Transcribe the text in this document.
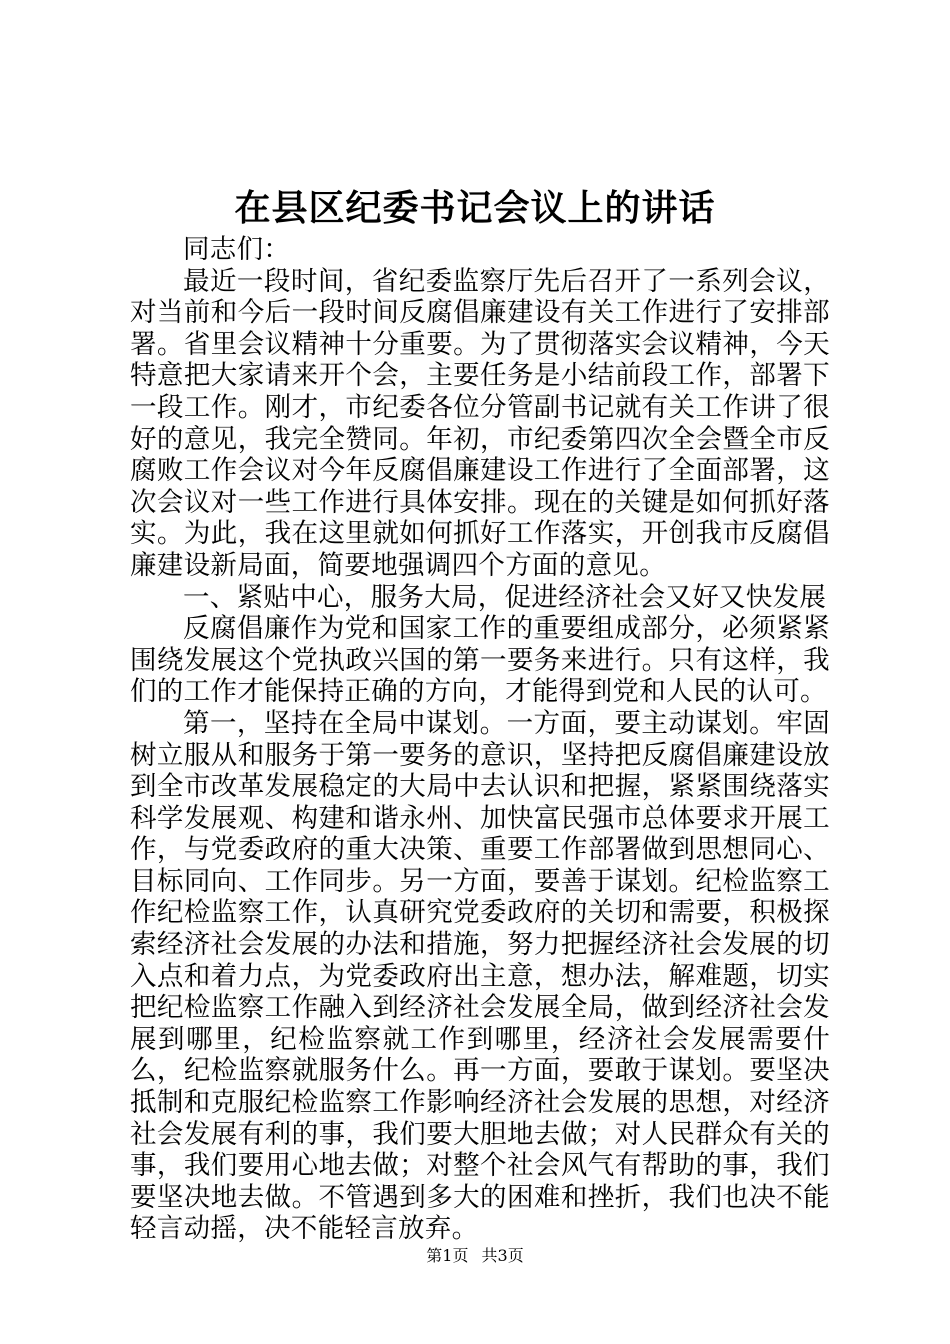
在县区纪委书记会议上的讲话

同志们：

最近一段时间，省纪委监察厅先后召开了一系列会议，对当前和今后一段时间反腐倡廉建设有关工作进行了安排部署。省里会议精神十分重要。为了贯彻落实会议精神，今天特意把大家请来开个会，主要任务是小结前段工作，部署下一段工作。刚才，市纪委各位分管副书记就有关工作讲了很好的意见，我完全赞同。年初，市纪委第四次全会暨全市反腐败工作会议对今年反腐倡廉建设工作进行了全面部署，这次会议对一些工作进行具体安排。现在的关键是如何抓好落实。为此，我在这里就如何抓好工作落实，开创我市反腐倡廉建设新局面，简要地强调四个方面的意见。

一、紧贴中心，服务大局，促进经济社会又好又快发展

反腐倡廉作为党和国家工作的重要组成部分，必须紧紧围绕发展这个党执政兴国的第一要务来进行。只有这样，我们的工作才能保持正确的方向，才能得到党和人民的认可。

第一，坚持在全局中谋划。一方面，要主动谋划。牢固树立服从和服务于第一要务的意识，坚持把反腐倡廉建设放到全市改革发展稳定的大局中去认识和把握，紧紧围绕落实科学发展观、构建和谐永州、加快富民强市总体要求开展工作，与党委政府的重大决策、重要工作部署做到思想同心、目标同向、工作同步。另一方面，要善于谋划。纪检监察工作纪检监察工作，认真研究党委政府的关切和需要，积极探索经济社会发展的办法和措施，努力把握经济社会发展的切入点和着力点，为党委政府出主意，想办法，解难题，切实把纪检监察工作融入到经济社会发展全局，做到经济社会发展到哪里，纪检监察就工作到哪里，经济社会发展需要什么，纪检监察就服务什么。再一方面，要敢于谋划。要坚决抵制和克服纪检监察工作影响经济社会发展的思想，对经济社会发展有利的事，我们要大胆地去做；对人民群众有关的事，我们要用心地去做；对整个社会风气有帮助的事，我们要坚决地去做。不管遇到多大的困难和挫折，我们也决不能轻言动摇，决不能轻言放弃。

第1页 共3页
